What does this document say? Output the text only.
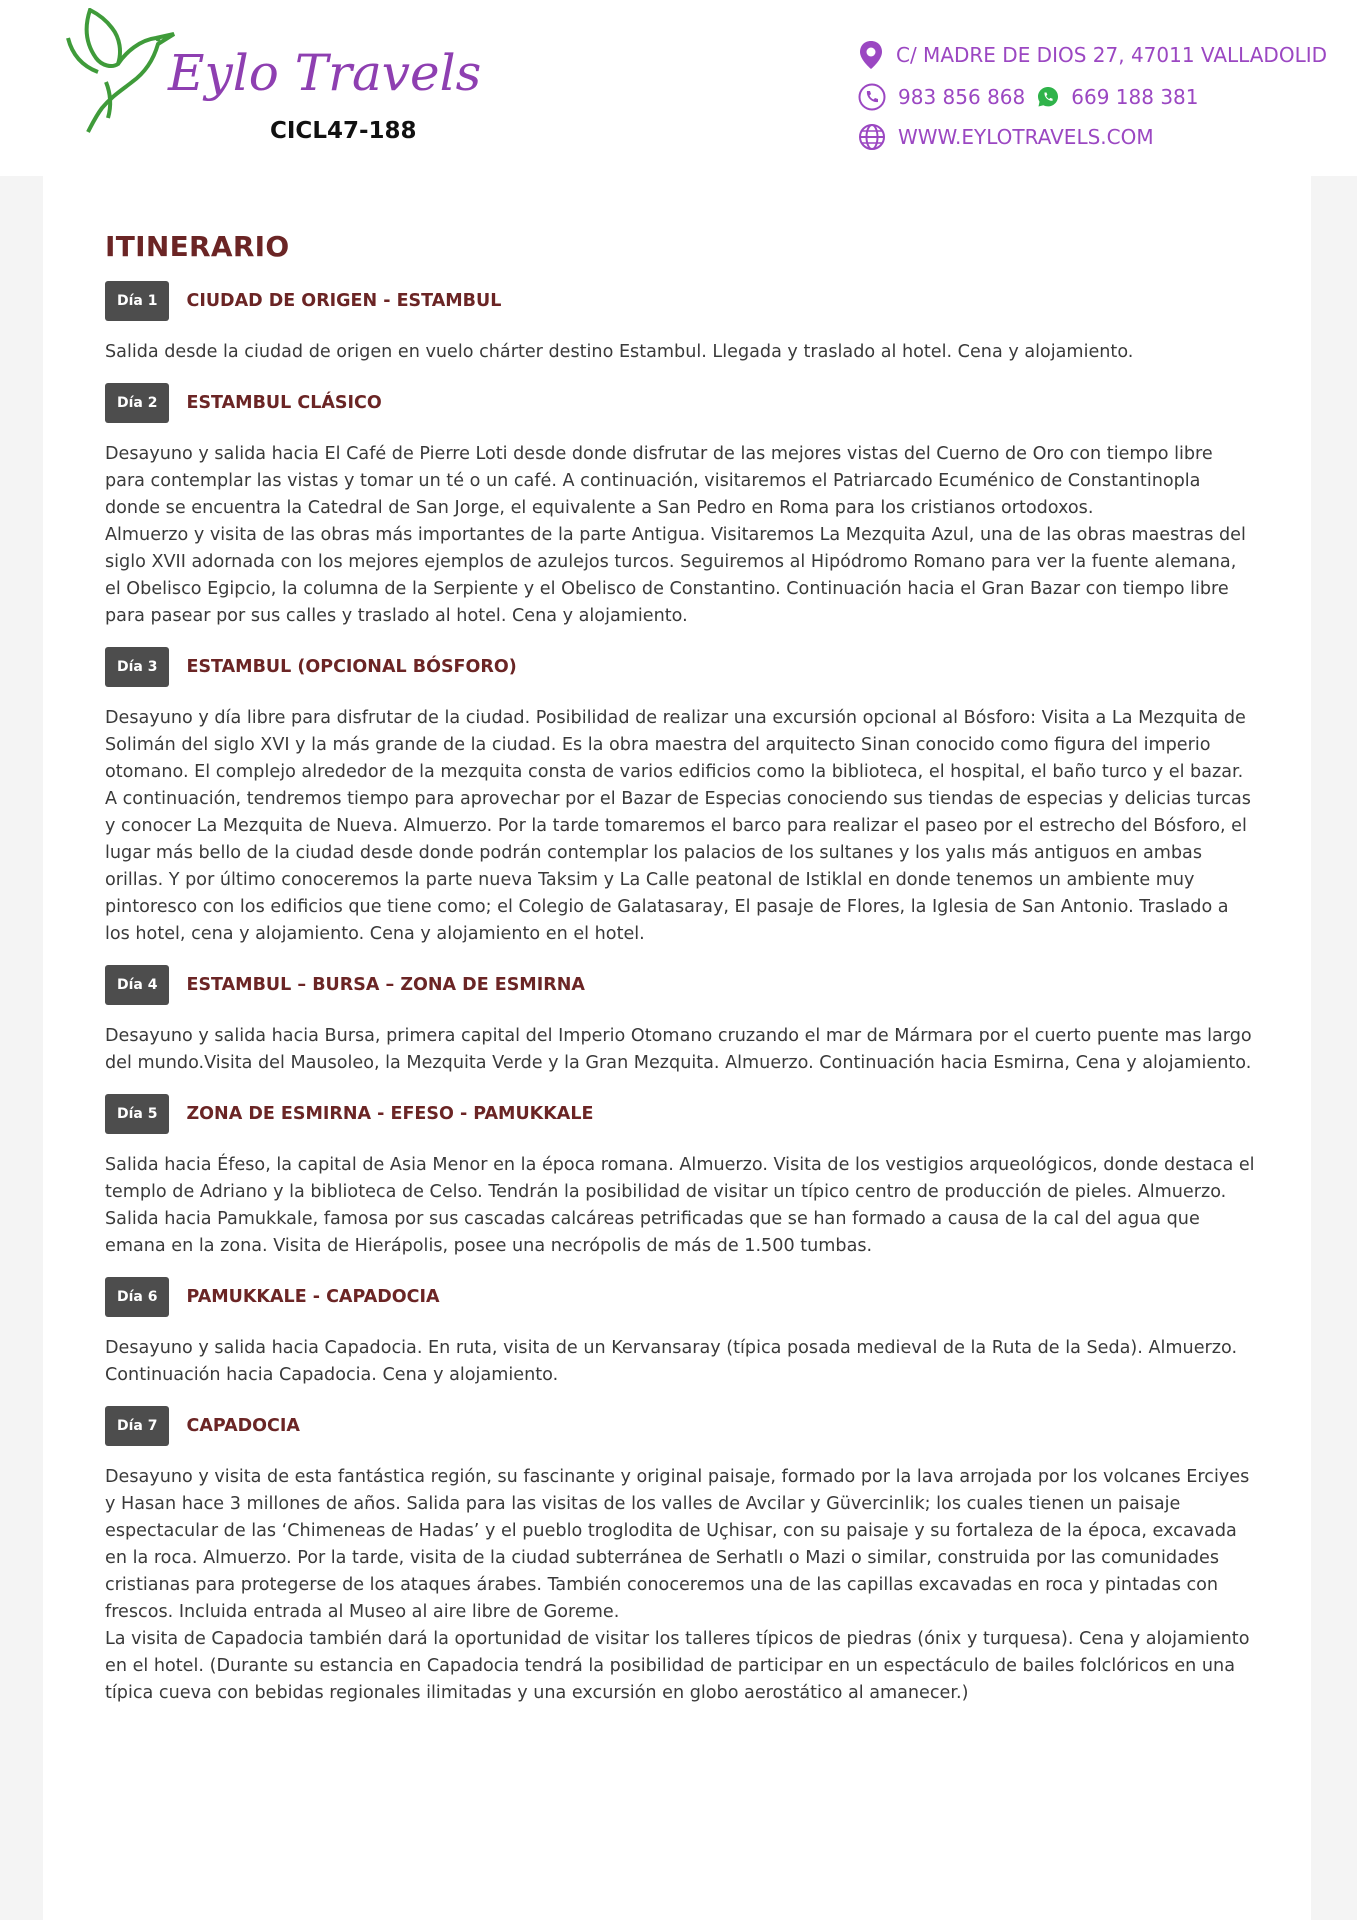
Eylo Travels
CICL47-188
C/ MADRE DE DIOS 27, 47011 VALLADOLID
983 856 868 669 188 381
WWW.EYLOTRAVELS.COM
ITINERARIO
Día 1	CIUDAD DE ORIGEN - ESTAMBUL

Salida desde la ciudad de origen en vuelo chárter destino Estambul. Llegada y traslado al hotel. Cena y alojamiento.

Día 2	ESTAMBUL CLÁSICO

Desayuno y salida hacia El Café de Pierre Loti desde donde disfrutar de las mejores vistas del Cuerno de Oro con tiempo libre para contemplar las vistas y tomar un té o un café. A continuación, visitaremos el Patriarcado Ecuménico de Constantinopla donde se encuentra la Catedral de San Jorge, el equivalente a San Pedro en Roma para los cristianos ortodoxos.

Almuerzo y visita de las obras más importantes de la parte Antigua. Visitaremos La Mezquita Azul, una de las obras maestras del siglo XVII adornada con los mejores ejemplos de azulejos turcos. Seguiremos al Hipódromo Romano para ver la fuente alemana, el Obelisco Egipcio, la columna de la Serpiente y el Obelisco de Constantino. Continuación hacia el Gran Bazar con tiempo libre para pasear por sus calles y traslado al hotel. Cena y alojamiento.

Día 3	ESTAMBUL (OPCIONAL BÓSFORO)

Desayuno y día libre para disfrutar de la ciudad. Posibilidad de realizar una excursión opcional al Bósforo: Visita a La Mezquita de Solimán del siglo XVI y la más grande de la ciudad. Es la obra maestra del arquitecto Sinan conocido como figura del imperio otomano. El complejo alrededor de la mezquita consta de varios edificios como la biblioteca, el hospital, el baño turco y el bazar. A continuación, tendremos tiempo para aprovechar por el Bazar de Especias conociendo sus tiendas de especias y delicias turcas y conocer La Mezquita de Nueva. Almuerzo. Por la tarde tomaremos el barco para realizar el paseo por el estrecho del Bósforo, el lugar más bello de la ciudad desde donde podrán contemplar los palacios de los sultanes y los yalıs más antiguos en ambas orillas. Y por último conoceremos la parte nueva Taksim y La Calle peatonal de Istiklal en donde tenemos un ambiente muy pintoresco con los edificios que tiene como; el Colegio de Galatasaray, El pasaje de Flores, la Iglesia de San Antonio. Traslado a los hotel, cena y alojamiento. Cena y alojamiento en el hotel.

Día 4	ESTAMBUL – BURSA – ZONA DE ESMIRNA

Desayuno y salida hacia Bursa, primera capital del Imperio Otomano cruzando el mar de Mármara por el cuerto puente mas largo del mundo.Visita del Mausoleo, la Mezquita Verde y la Gran Mezquita. Almuerzo. Continuación hacia Esmirna, Cena y alojamiento.

Día 5	ZONA DE ESMIRNA - EFESO - PAMUKKALE

Salida hacia Éfeso, la capital de Asia Menor en la época romana. Almuerzo. Visita de los vestigios arqueológicos, donde destaca el templo de Adriano y la biblioteca de Celso. Tendrán la posibilidad de visitar un típico centro de producción de pieles. Almuerzo. Salida hacia Pamukkale, famosa por sus cascadas calcáreas petrificadas que se han formado a causa de la cal del agua que emana en la zona. Visita de Hierápolis, posee una necrópolis de más de 1.500 tumbas.

Día 6	PAMUKKALE - CAPADOCIA

Desayuno y salida hacia Capadocia. En ruta, visita de un Kervansaray (típica posada medieval de la Ruta de la Seda). Almuerzo. Continuación hacia Capadocia. Cena y alojamiento.

Día 7	CAPADOCIA

Desayuno y visita de esta fantástica región, su fascinante y original paisaje, formado por la lava arrojada por los volcanes Erciyes y Hasan hace 3 millones de años. Salida para las visitas de los valles de Avcilar y Güvercinlik; los cuales tienen un paisaje espectacular de las ‘Chimeneas de Hadas’ y el pueblo troglodita de Uçhisar, con su paisaje y su fortaleza de la época, excavada en la roca. Almuerzo. Por la tarde, visita de la ciudad subterránea de Serhatlı o Mazi o similar, construida por las comunidades cristianas para protegerse de los ataques árabes. También conoceremos una de las capillas excavadas en roca y pintadas con frescos. Incluida entrada al Museo al aire libre de Goreme.

La visita de Capadocia también dará la oportunidad de visitar los talleres típicos de piedras (ónix y turquesa). Cena y alojamiento en el hotel. (Durante su estancia en Capadocia tendrá la posibilidad de participar en un espectáculo de bailes folclóricos en una típica cueva con bebidas regionales ilimitadas y una excursión en globo aerostático al amanecer.)
